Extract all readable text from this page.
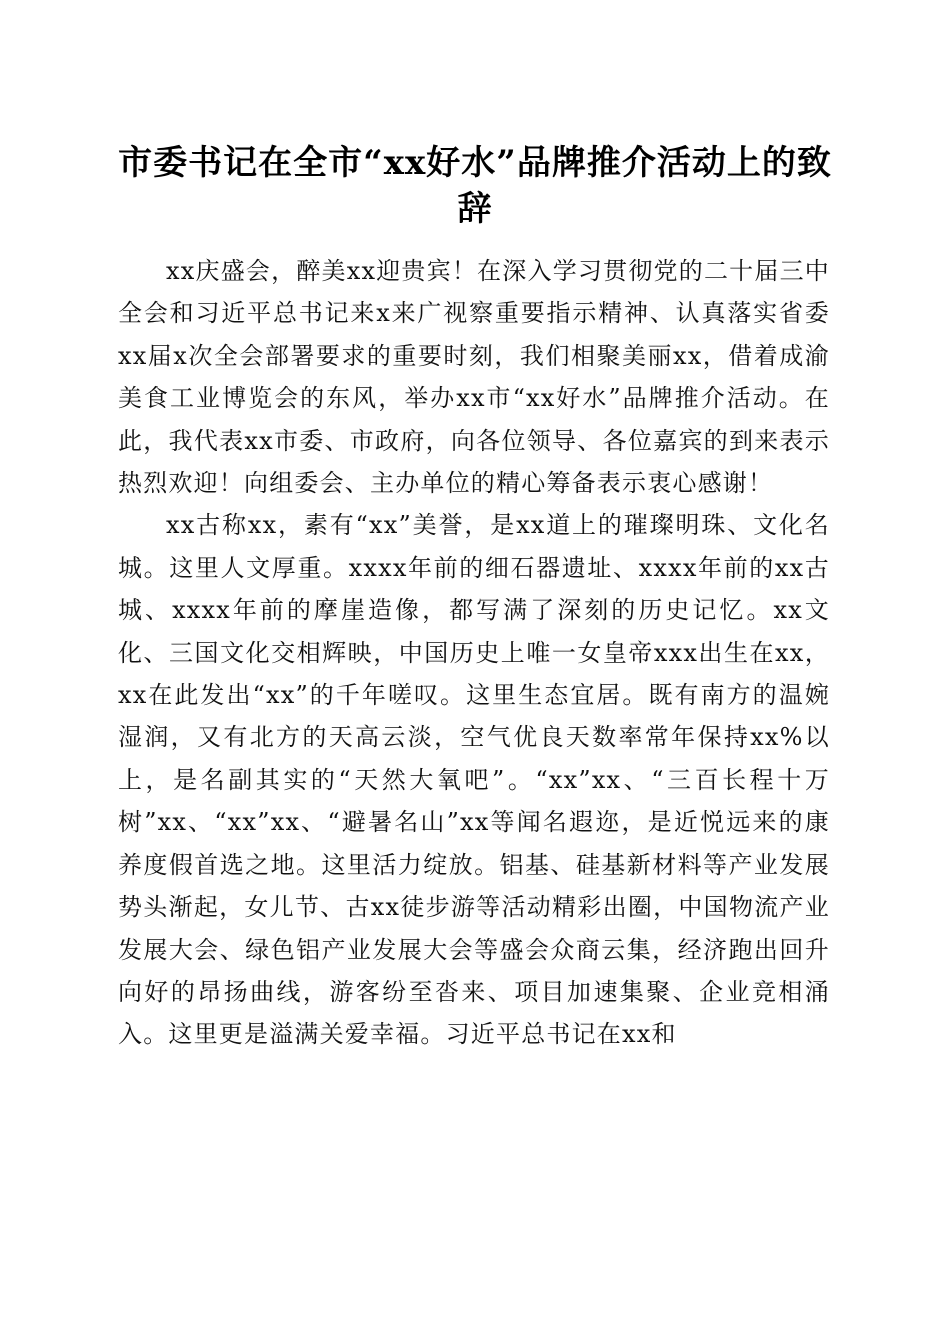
市委书记在全市“xx好水”品牌推介活动上的致辞

xx庆盛会，醉美xx迎贵宾！在深入学习贯彻党的二十届三中全会和习近平总书记来x来广视察重要指示精神、认真落实省委xx届x次全会部署要求的重要时刻，我们相聚美丽xx，借着成渝美食工业博览会的东风，举办xx市“xx好水”品牌推介活动。在此，我代表xx市委、市政府，向各位领导、各位嘉宾的到来表示热烈欢迎！向组委会、主办单位的精心筹备表示衷心感谢！

xx古称xx，素有“xx”美誉，是xx道上的璀璨明珠、文化名城。这里人文厚重。xxxx年前的细石器遗址、xxxx年前的xx古城、xxxx年前的摩崖造像，都写满了深刻的历史记忆。xx文化、三国文化交相辉映，中国历史上唯一女皇帝xxx出生在xx，xx在此发出“xx”的千年嗟叹。这里生态宜居。既有南方的温婉湿润，又有北方的天高云淡，空气优良天数率常年保持xx%以上，是名副其实的“天然大氧吧”。“xx”xx、“三百长程十万树”xx、“xx”xx、“避暑名山”xx等闻名遐迩，是近悦远来的康养度假首选之地。这里活力绽放。铝基、硅基新材料等产业发展势头渐起，女儿节、古xx徒步游等活动精彩出圈，中国物流产业发展大会、绿色铝产业发展大会等盛会众商云集，经济跑出回升向好的昂扬曲线，游客纷至沓来、项目加速集聚、企业竞相涌入。这里更是溢满关爱幸福。习近平总书记在xx和
